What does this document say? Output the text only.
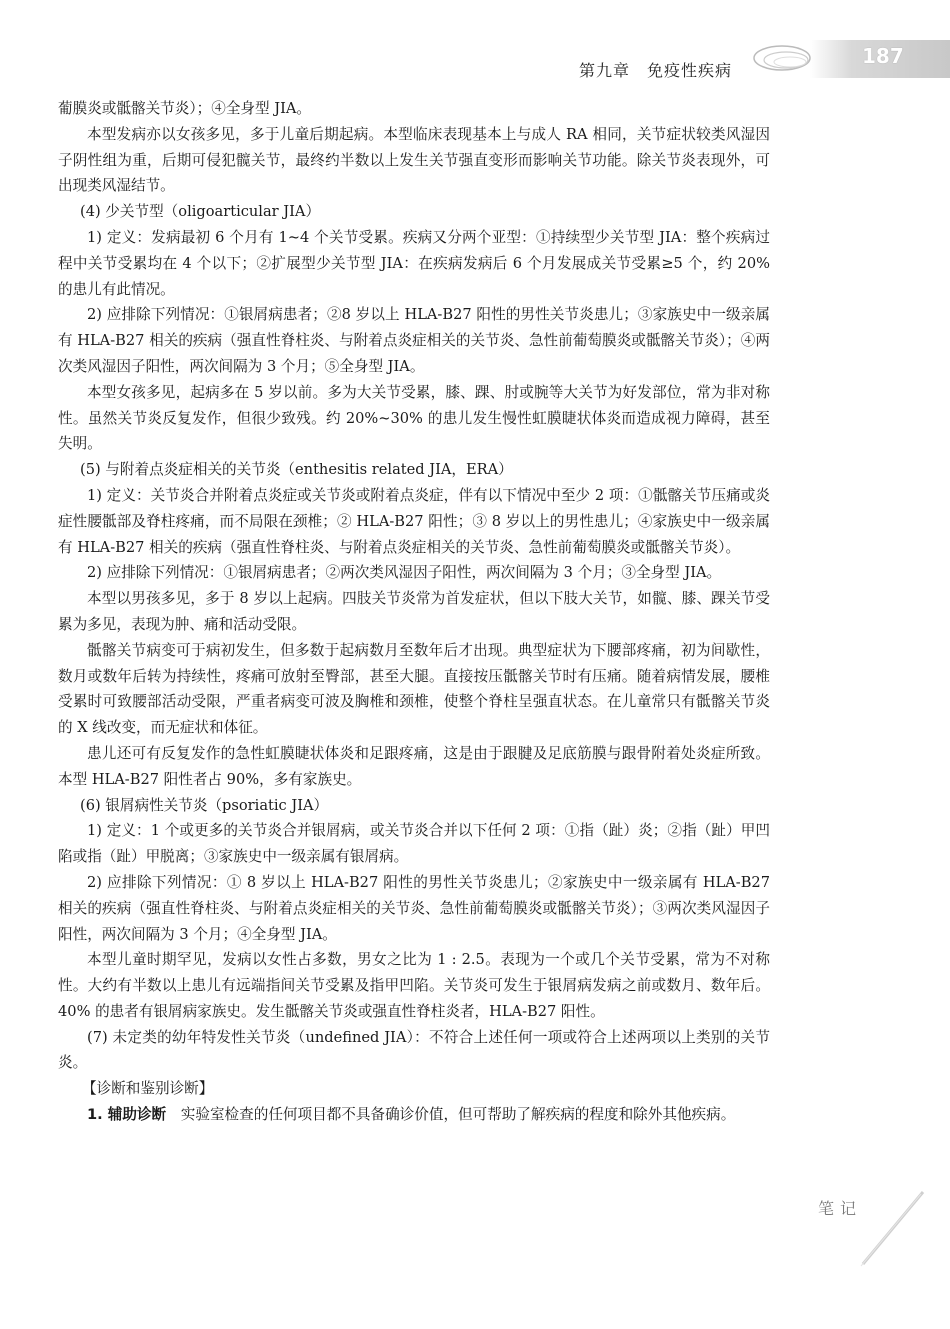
第九章　免疫性疾病
187

葡膜炎或骶髂关节炎）；④全身型 JIA。

本型发病亦以女孩多见，多于儿童后期起病。本型临床表现基本上与成人 RA 相同，关节症状较类风湿因子阴性组为重，后期可侵犯髋关节，最终约半数以上发生关节强直变形而影响关节功能。除关节炎表现外，可出现类风湿结节。

(4) 少关节型（oligoarticular JIA）

1) 定义：发病最初 6 个月有 1~4 个关节受累。疾病又分两个亚型：①持续型少关节型 JIA：整个疾病过程中关节受累均在 4 个以下；②扩展型少关节型 JIA：在疾病发病后 6 个月发展成关节受累≥5 个，约 20% 的患儿有此情况。

2) 应排除下列情况：①银屑病患者；②8 岁以上 HLA-B27 阳性的男性关节炎患儿；③家族史中一级亲属有 HLA-B27 相关的疾病（强直性脊柱炎、与附着点炎症相关的关节炎、急性前葡萄膜炎或骶髂关节炎）；④两次类风湿因子阳性，两次间隔为 3 个月；⑤全身型 JIA。

本型女孩多见，起病多在 5 岁以前。多为大关节受累，膝、踝、肘或腕等大关节为好发部位，常为非对称性。虽然关节炎反复发作，但很少致残。约 20%~30% 的患儿发生慢性虹膜睫状体炎而造成视力障碍，甚至失明。

(5) 与附着点炎症相关的关节炎（enthesitis related JIA，ERA）

1) 定义：关节炎合并附着点炎症或关节炎或附着点炎症，伴有以下情况中至少 2 项：①骶髂关节压痛或炎症性腰骶部及脊柱疼痛，而不局限在颈椎；② HLA-B27 阳性；③ 8 岁以上的男性患儿；④家族史中一级亲属有 HLA-B27 相关的疾病（强直性脊柱炎、与附着点炎症相关的关节炎、急性前葡萄膜炎或骶髂关节炎）。

2) 应排除下列情况：①银屑病患者；②两次类风湿因子阳性，两次间隔为 3 个月；③全身型 JIA。

本型以男孩多见，多于 8 岁以上起病。四肢关节炎常为首发症状，但以下肢大关节，如髋、膝、踝关节受累为多见，表现为肿、痛和活动受限。

骶髂关节病变可于病初发生，但多数于起病数月至数年后才出现。典型症状为下腰部疼痛，初为间歇性，数月或数年后转为持续性，疼痛可放射至臀部，甚至大腿。直接按压骶髂关节时有压痛。随着病情发展，腰椎受累时可致腰部活动受限，严重者病变可波及胸椎和颈椎，使整个脊柱呈强直状态。在儿童常只有骶髂关节炎的 X 线改变，而无症状和体征。

患儿还可有反复发作的急性虹膜睫状体炎和足跟疼痛，这是由于跟腱及足底筋膜与跟骨附着处炎症所致。本型 HLA-B27 阳性者占 90%，多有家族史。

(6) 银屑病性关节炎（psoriatic JIA）

1) 定义：1 个或更多的关节炎合并银屑病，或关节炎合并以下任何 2 项：①指（趾）炎；②指（趾）甲凹陷或指（趾）甲脱离；③家族史中一级亲属有银屑病。

2) 应排除下列情况：① 8 岁以上 HLA-B27 阳性的男性关节炎患儿；②家族史中一级亲属有 HLA-B27 相关的疾病（强直性脊柱炎、与附着点炎症相关的关节炎、急性前葡萄膜炎或骶髂关节炎）；③两次类风湿因子阳性，两次间隔为 3 个月；④全身型 JIA。

本型儿童时期罕见，发病以女性占多数，男女之比为 1 : 2.5。表现为一个或几个关节受累，常为不对称性。大约有半数以上患儿有远端指间关节受累及指甲凹陷。关节炎可发生于银屑病发病之前或数月、数年后。40% 的患者有银屑病家族史。发生骶髂关节炎或强直性脊柱炎者，HLA-B27 阳性。

(7) 未定类的幼年特发性关节炎（undefined JIA）：不符合上述任何一项或符合上述两项以上类别的关节炎。

【诊断和鉴别诊断】

1. 辅助诊断　实验室检查的任何项目都不具备确诊价值，但可帮助了解疾病的程度和除外其他疾病。

笔记
